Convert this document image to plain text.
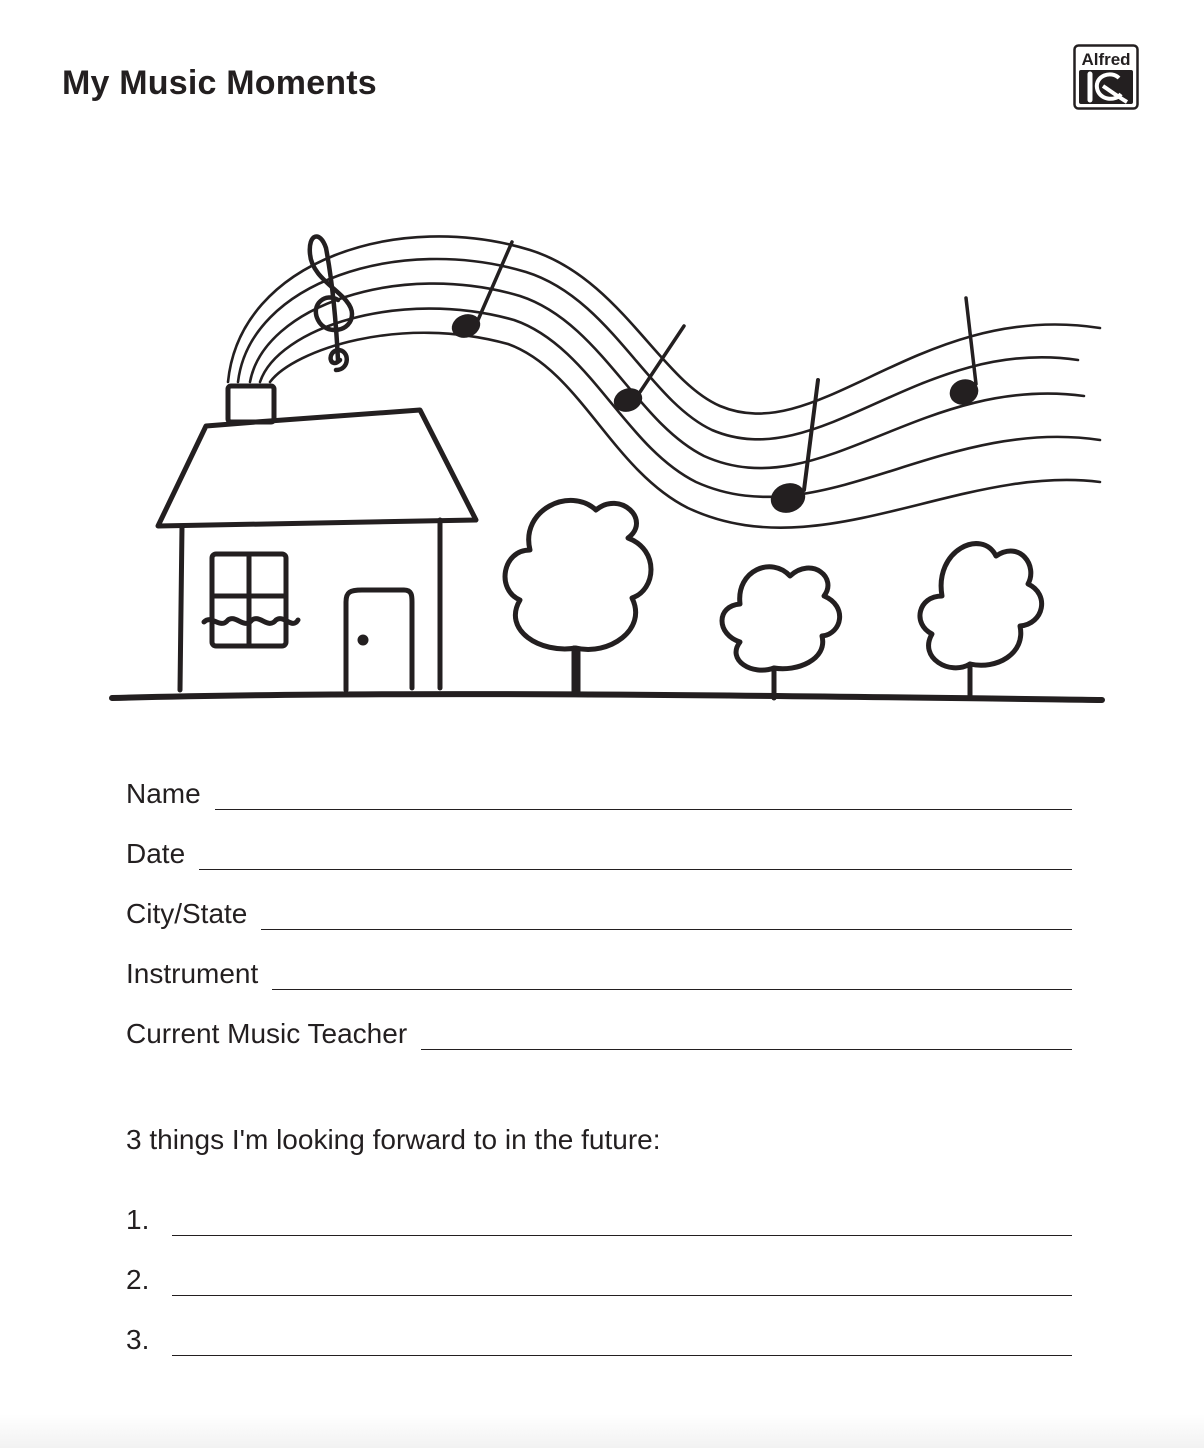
My Music Moments
Alfred
Name
Date
City/State
Instrument
Current Music Teacher

3 things I'm looking forward to in the future:

1.
2.
3.
